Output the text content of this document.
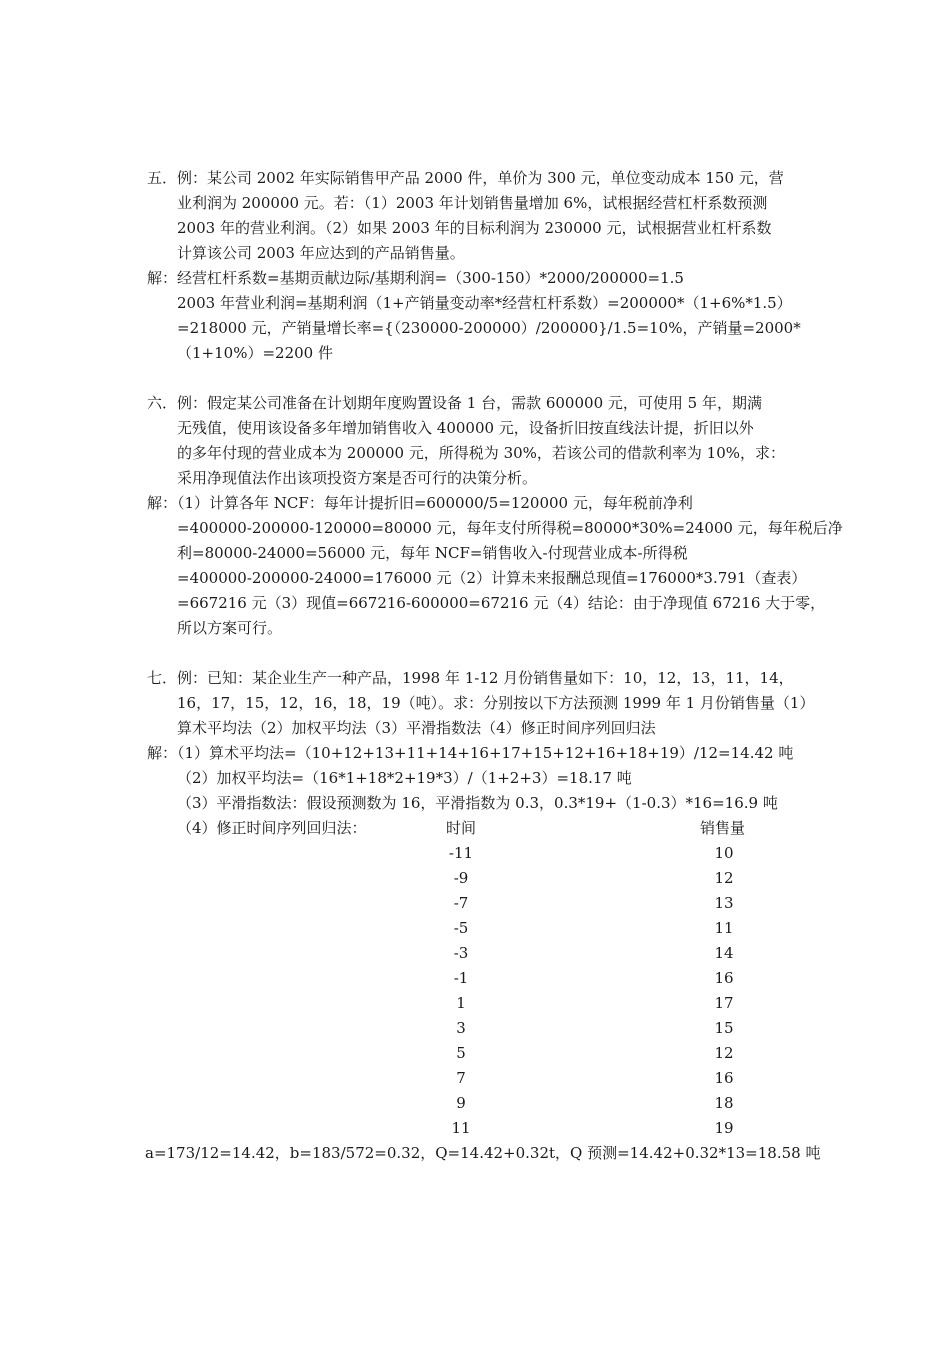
五．例：某公司 2002 年实际销售甲产品 2000 件，单价为 300 元，单位变动成本 150 元，营
业利润为 200000 元。若：（1）2003 年计划销售量增加 6%，试根据经营杠杆系数预测
2003 年的营业利润。（2）如果 2003 年的目标利润为 230000 元，试根据营业杠杆系数
计算该公司 2003 年应达到的产品销售量。
解：经营杠杆系数=基期贡献边际/基期利润=（300-150）*2000/200000=1.5
2003 年营业利润=基期利润（1+产销量变动率*经营杠杆系数）=200000*（1+6%*1.5）
=218000 元，产销量增长率={（230000-200000）/200000}/1.5=10%，产销量=2000*
（1+10%）=2200 件
六．例：假定某公司准备在计划期年度购置设备 1 台，需款 600000 元，可使用 5 年，期满
无残值，使用该设备多年增加销售收入 400000 元，设备折旧按直线法计提，折旧以外
的多年付现的营业成本为 200000 元，所得税为 30%，若该公司的借款利率为 10%，求：
采用净现值法作出该项投资方案是否可行的决策分析。
解：（1）计算各年 NCF：每年计提折旧=600000/5=120000 元，每年税前净利
=400000-200000-120000=80000 元，每年支付所得税=80000*30%=24000 元，每年税后净
利=80000-24000=56000 元，每年 NCF=销售收入-付现营业成本-所得税
=400000-200000-24000=176000 元（2）计算未来报酬总现值=176000*3.791（查表）
=667216 元（3）现值=667216-600000=67216 元（4）结论：由于净现值 67216 大于零，
所以方案可行。
七．例：已知：某企业生产一种产品，1998 年 1-12 月份销售量如下：10，12，13，11，14，
16，17，15，12，16，18，19（吨）。求：分别按以下方法预测 1999 年 1 月份销售量（1）
算术平均法（2）加权平均法（3）平滑指数法（4）修正时间序列回归法
解：（1）算术平均法=（10+12+13+11+14+16+17+15+12+16+18+19）/12=14.42 吨
（2）加权平均法=（16*1+18*2+19*3）/（1+2+3）=18.17 吨
（3）平滑指数法：假设预测数为 16，平滑指数为 0.3，0.3*19+（1-0.3）*16=16.9 吨
（4）修正时间序列回归法：	时间	销售量
-11	10
-9	12
-7	13
-5	11
-3	14
-1	16
1	17
3	15
5	12
7	16
9	18
11	19
a=173/12=14.42，b=183/572=0.32，Q=14.42+0.32t，Q 预测=14.42+0.32*13=18.58 吨
